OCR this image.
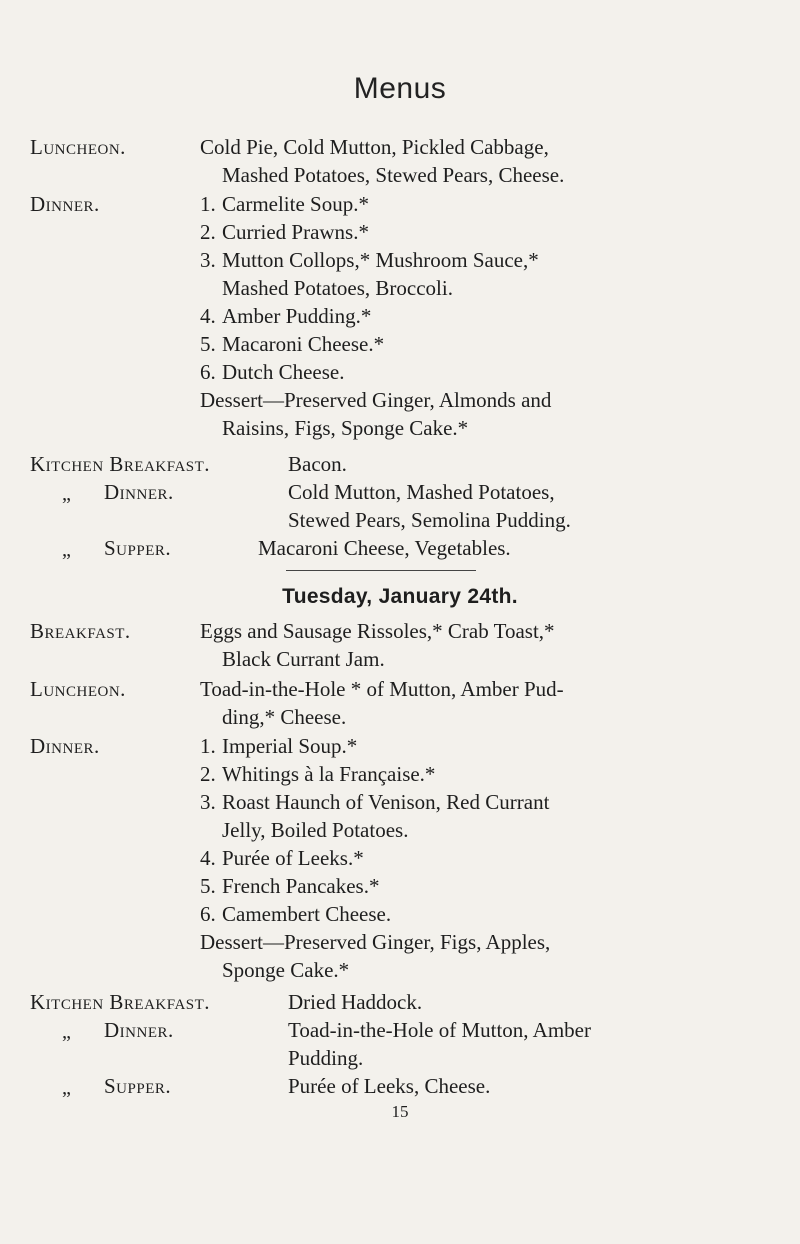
Menus
Luncheon.	Cold Pie, Cold Mutton, Pickled Cabbage,
Mashed Potatoes, Stewed Pears, Cheese.
Dinner.	1. Carmelite Soup.*
2. Curried Prawns.*
3. Mutton Collops,* Mushroom Sauce,*
Mashed Potatoes, Broccoli.
4. Amber Pudding.*
5. Macaroni Cheese.*
6. Dutch Cheese.
Dessert—Preserved Ginger, Almonds and
Raisins, Figs, Sponge Cake.*
Kitchen Breakfast.	Bacon.
„ Dinner.	Cold Mutton, Mashed Potatoes,
Stewed Pears, Semolina Pudding.
„ Supper.	Macaroni Cheese, Vegetables.
Tuesday, January 24th.
Breakfast.	Eggs and Sausage Rissoles,* Crab Toast,*
Black Currant Jam.
Luncheon.	Toad-in-the-Hole * of Mutton, Amber Pud-
ding,* Cheese.
Dinner.	1. Imperial Soup.*
2. Whitings à la Française.*
3. Roast Haunch of Venison, Red Currant
Jelly, Boiled Potatoes.
4. Purée of Leeks.*
5. French Pancakes.*
6. Camembert Cheese.
Dessert—Preserved Ginger, Figs, Apples,
Sponge Cake.*
Kitchen Breakfast.	Dried Haddock.
„ Dinner.	Toad-in-the-Hole of Mutton, Amber
Pudding.
„ Supper.	Purée of Leeks, Cheese.
15
